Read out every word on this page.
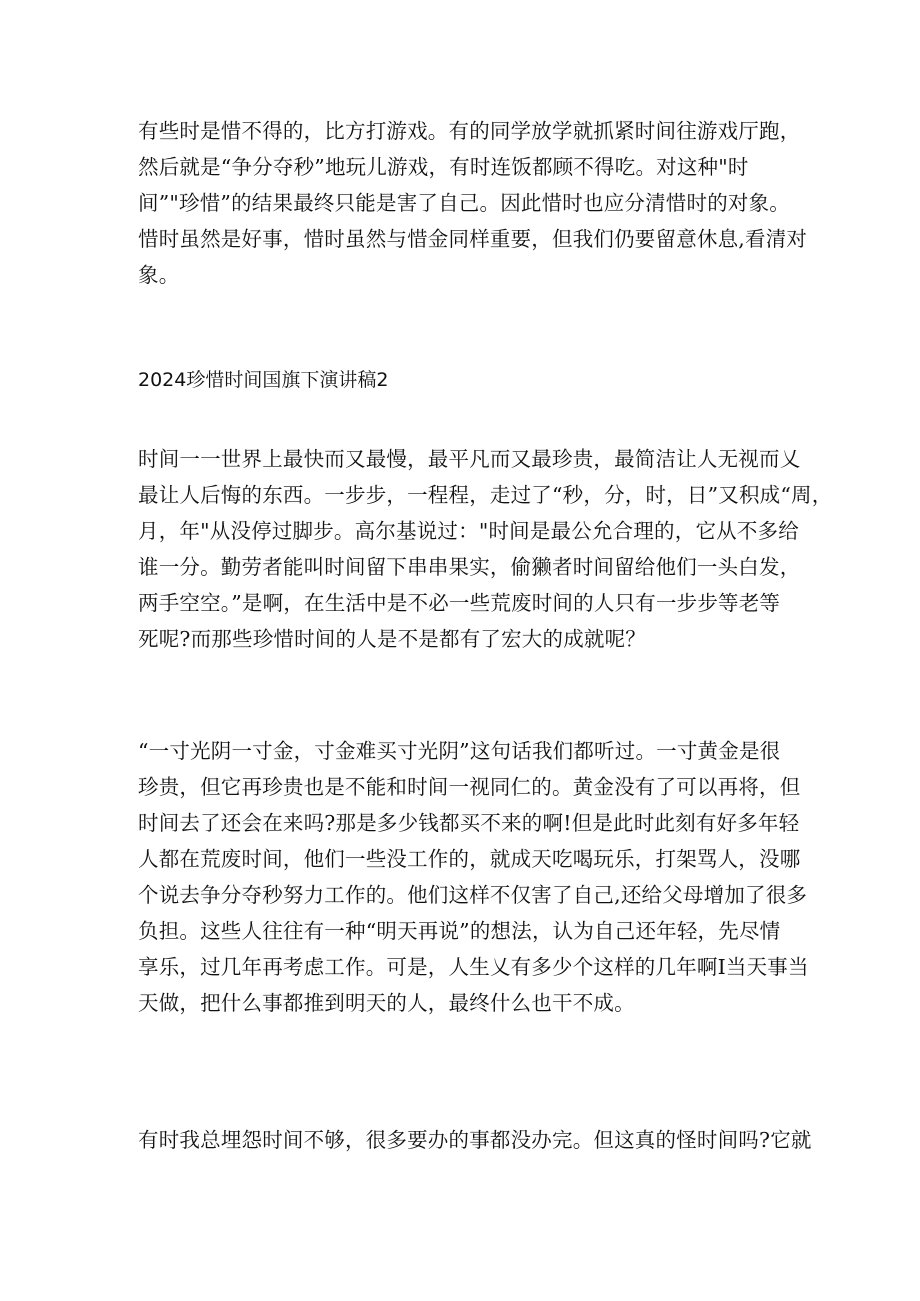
有些时是惜不得的，比方打游戏。有的同学放学就抓紧时间往游戏厅跑，
然后就是“争分夺秒”地玩儿游戏，有时连饭都顾不得吃。对这种"时
间”"珍惜”的结果最终只能是害了自己。因此惜时也应分清惜时的对象。
惜时虽然是好事，惜时虽然与惜金同样重要，但我们仍要留意休息,看清对
象。
2024珍惜时间国旗下演讲稿2
时间一一世界上最快而又最慢，最平凡而又最珍贵，最简洁让人无视而乂
最让人后悔的东西。一步步，一程程，走过了“秒，分，时，日”又积成“周，
月，年"从没停过脚步。高尔基说过："时间是最公允合理的，它从不多给
谁一分。勤劳者能叫时间留下串串果实，偷獭者时间留给他们一头白发，
两手空空。”是啊，在生活中是不必一些荒废时间的人只有一步步等老等
死呢?而那些珍惜时间的人是不是都有了宏大的成就呢？
“一寸光阴一寸金，寸金难买寸光阴”这句话我们都听过。一寸黄金是很
珍贵，但它再珍贵也是不能和时间一视同仁的。黄金没有了可以再将，但
时间去了还会在来吗?那是多少钱都买不来的啊!但是此时此刻有好多年轻
人都在荒废时间，他们一些没工作的，就成天吃喝玩乐，打架骂人，没哪
个说去争分夺秒努力工作的。他们这样不仅害了自己,还给父母增加了很多
负担。这些人往往有一种“明天再说”的想法，认为自己还年轻，先尽情
享乐，过几年再考虑工作。可是，人生乂有多少个这样的几年啊I当天事当
天做，把什么事都推到明天的人，最终什么也干不成。
有时我总埋怨时间不够，很多要办的事都没办完。但这真的怪时间吗?它就
